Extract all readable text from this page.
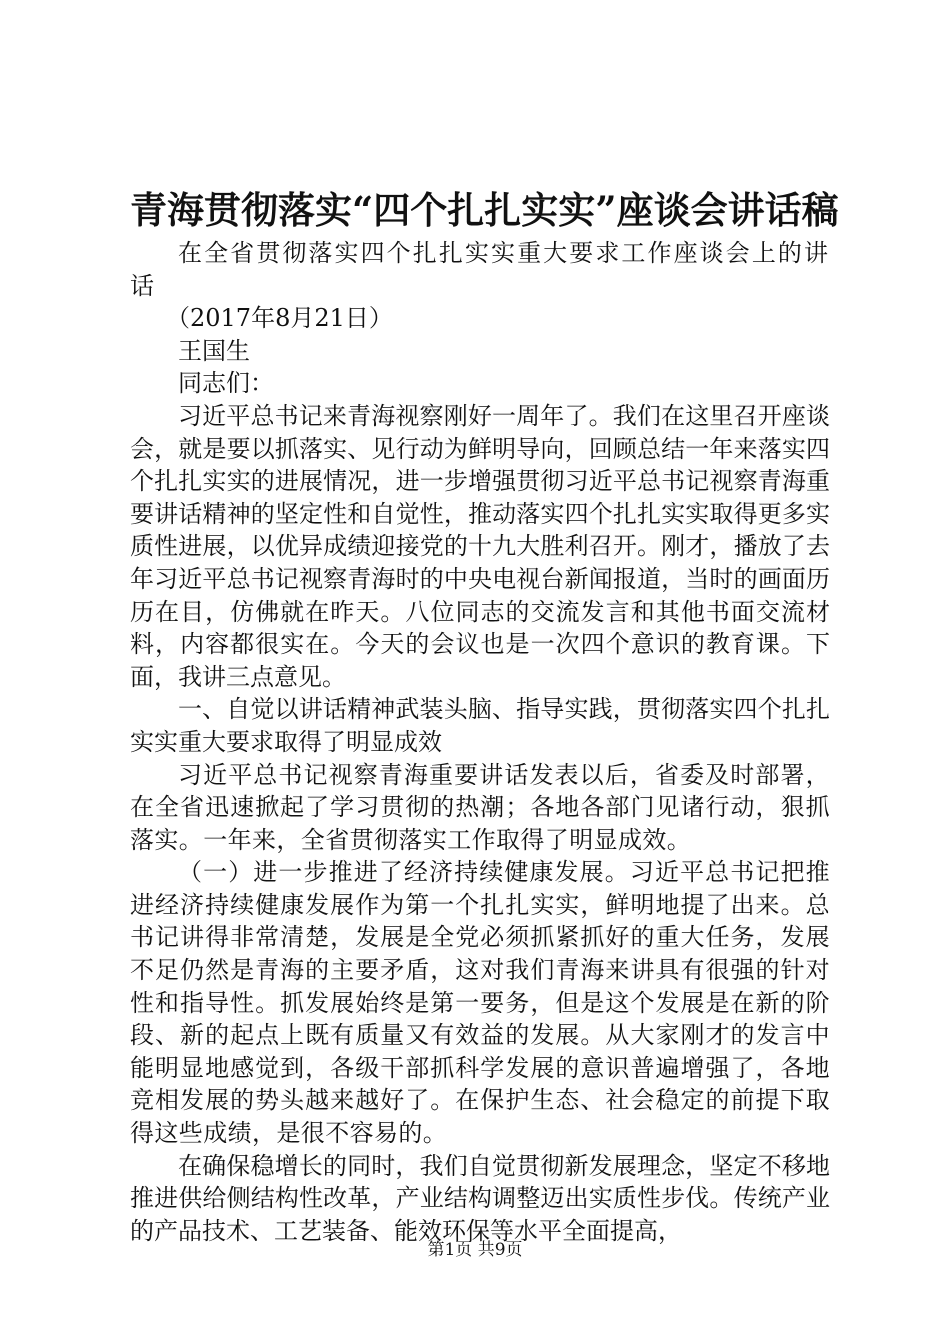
青海贯彻落实“四个扎扎实实”座谈会讲话稿

在全省贯彻落实四个扎扎实实重大要求工作座谈会上的讲话

（2017年8月21日）

王国生

同志们：

习近平总书记来青海视察刚好一周年了。我们在这里召开座谈会，就是要以抓落实、见行动为鲜明导向，回顾总结一年来落实四个扎扎实实的进展情况，进一步增强贯彻习近平总书记视察青海重要讲话精神的坚定性和自觉性，推动落实四个扎扎实实取得更多实质性进展，以优异成绩迎接党的十九大胜利召开。刚才，播放了去年习近平总书记视察青海时的中央电视台新闻报道，当时的画面历历在目，仿佛就在昨天。八位同志的交流发言和其他书面交流材料，内容都很实在。今天的会议也是一次四个意识的教育课。下面，我讲三点意见。

一、自觉以讲话精神武装头脑、指导实践，贯彻落实四个扎扎实实重大要求取得了明显成效

习近平总书记视察青海重要讲话发表以后，省委及时部署，在全省迅速掀起了学习贯彻的热潮；各地各部门见诸行动，狠抓落实。一年来，全省贯彻落实工作取得了明显成效。

（一）进一步推进了经济持续健康发展。习近平总书记把推进经济持续健康发展作为第一个扎扎实实，鲜明地提了出来。总书记讲得非常清楚，发展是全党必须抓紧抓好的重大任务，发展不足仍然是青海的主要矛盾，这对我们青海来讲具有很强的针对性和指导性。抓发展始终是第一要务，但是这个发展是在新的阶段、新的起点上既有质量又有效益的发展。从大家刚才的发言中能明显地感觉到，各级干部抓科学发展的意识普遍增强了，各地竞相发展的势头越来越好了。在保护生态、社会稳定的前提下取得这些成绩，是很不容易的。

在确保稳增长的同时，我们自觉贯彻新发展理念，坚定不移地推进供给侧结构性改革，产业结构调整迈出实质性步伐。传统产业的产品技术、工艺装备、能效环保等水平全面提高，

第1页 共9页
